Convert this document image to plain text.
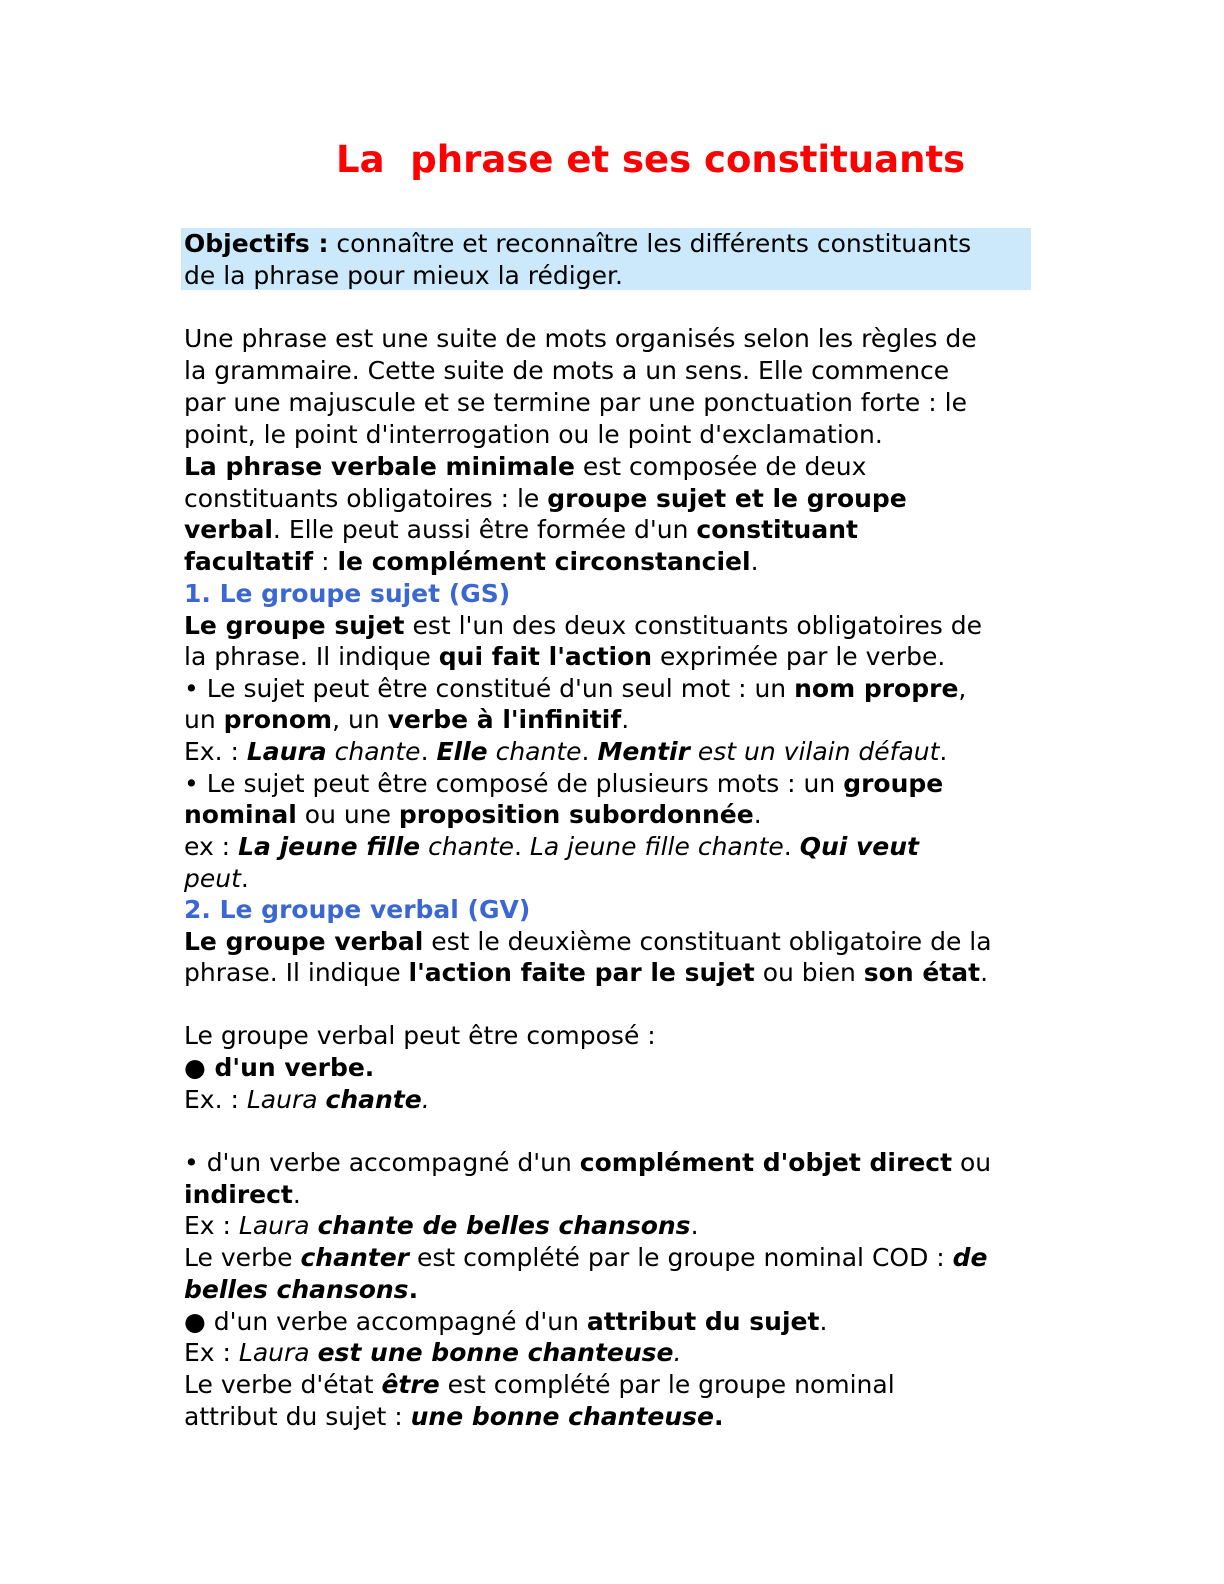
La  phrase et ses constituants

Objectifs : connaître et reconnaître les différents constituants

de la phrase pour mieux la rédiger.

Une phrase est une suite de mots organisés selon les règles de

la grammaire. Cette suite de mots a un sens. Elle commence

par une majuscule et se termine par une ponctuation forte : le

point, le point d'interrogation ou le point d'exclamation.

La phrase verbale minimale est composée de deux

constituants obligatoires : le groupe sujet et le groupe

verbal. Elle peut aussi être formée d'un constituant

facultatif : le complément circonstanciel.

1. Le groupe sujet (GS)

Le groupe sujet est l'un des deux constituants obligatoires de

la phrase. Il indique qui fait l'action exprimée par le verbe.

• Le sujet peut être constitué d'un seul mot : un nom propre,

un pronom, un verbe à l'infinitif.

Ex. : Laura chante. Elle chante. Mentir est un vilain défaut.

• Le sujet peut être composé de plusieurs mots : un groupe

nominal ou une proposition subordonnée.

ex : La jeune fille chante. La jeune fille chante. Qui veut

peut.

2. Le groupe verbal (GV)

Le groupe verbal est le deuxième constituant obligatoire de la

phrase. Il indique l'action faite par le sujet ou bien son état.

Le groupe verbal peut être composé :

● d'un verbe.

Ex. : Laura chante.

• d'un verbe accompagné d'un complément d'objet direct ou

indirect.

Ex : Laura chante de belles chansons.

Le verbe chanter est complété par le groupe nominal COD : de

belles chansons.

● d'un verbe accompagné d'un attribut du sujet.

Ex : Laura est une bonne chanteuse.

Le verbe d'état être est complété par le groupe nominal

attribut du sujet : une bonne chanteuse.
